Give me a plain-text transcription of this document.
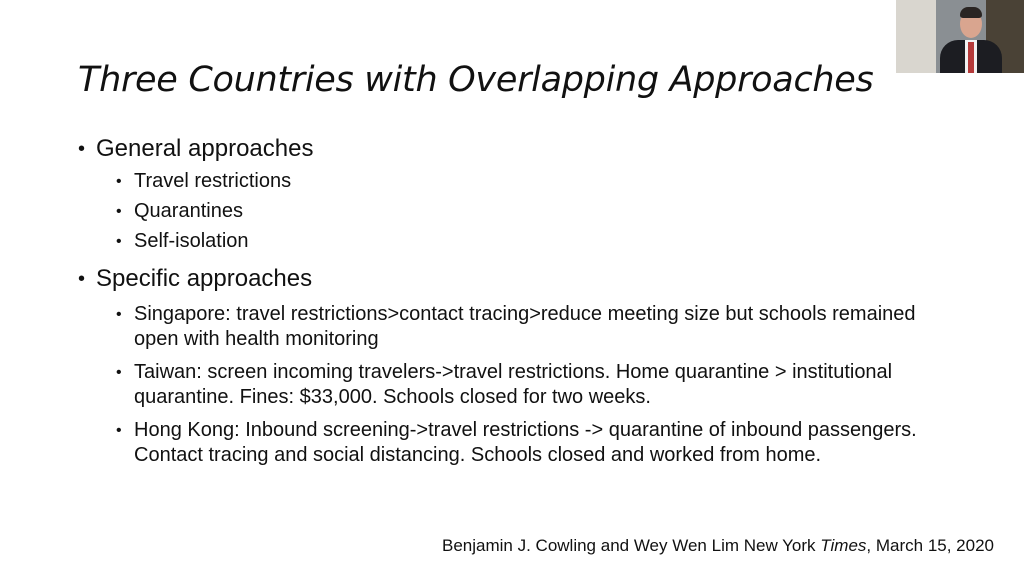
Three Countries with Overlapping Approaches
• General approaches
• Travel restrictions
• Quarantines
• Self-isolation
• Specific approaches
• Singapore: travel restrictions>contact tracing>reduce meeting size but schools remained open with health monitoring
• Taiwan: screen incoming travelers->travel restrictions. Home quarantine > institutional quarantine. Fines: $33,000. Schools closed for two weeks.
• Hong Kong: Inbound screening->travel restrictions -> quarantine of inbound passengers. Contact tracing and social distancing. Schools closed and worked from home.
Benjamin J. Cowling and Wey Wen Lim New York Times, March 15, 2020
